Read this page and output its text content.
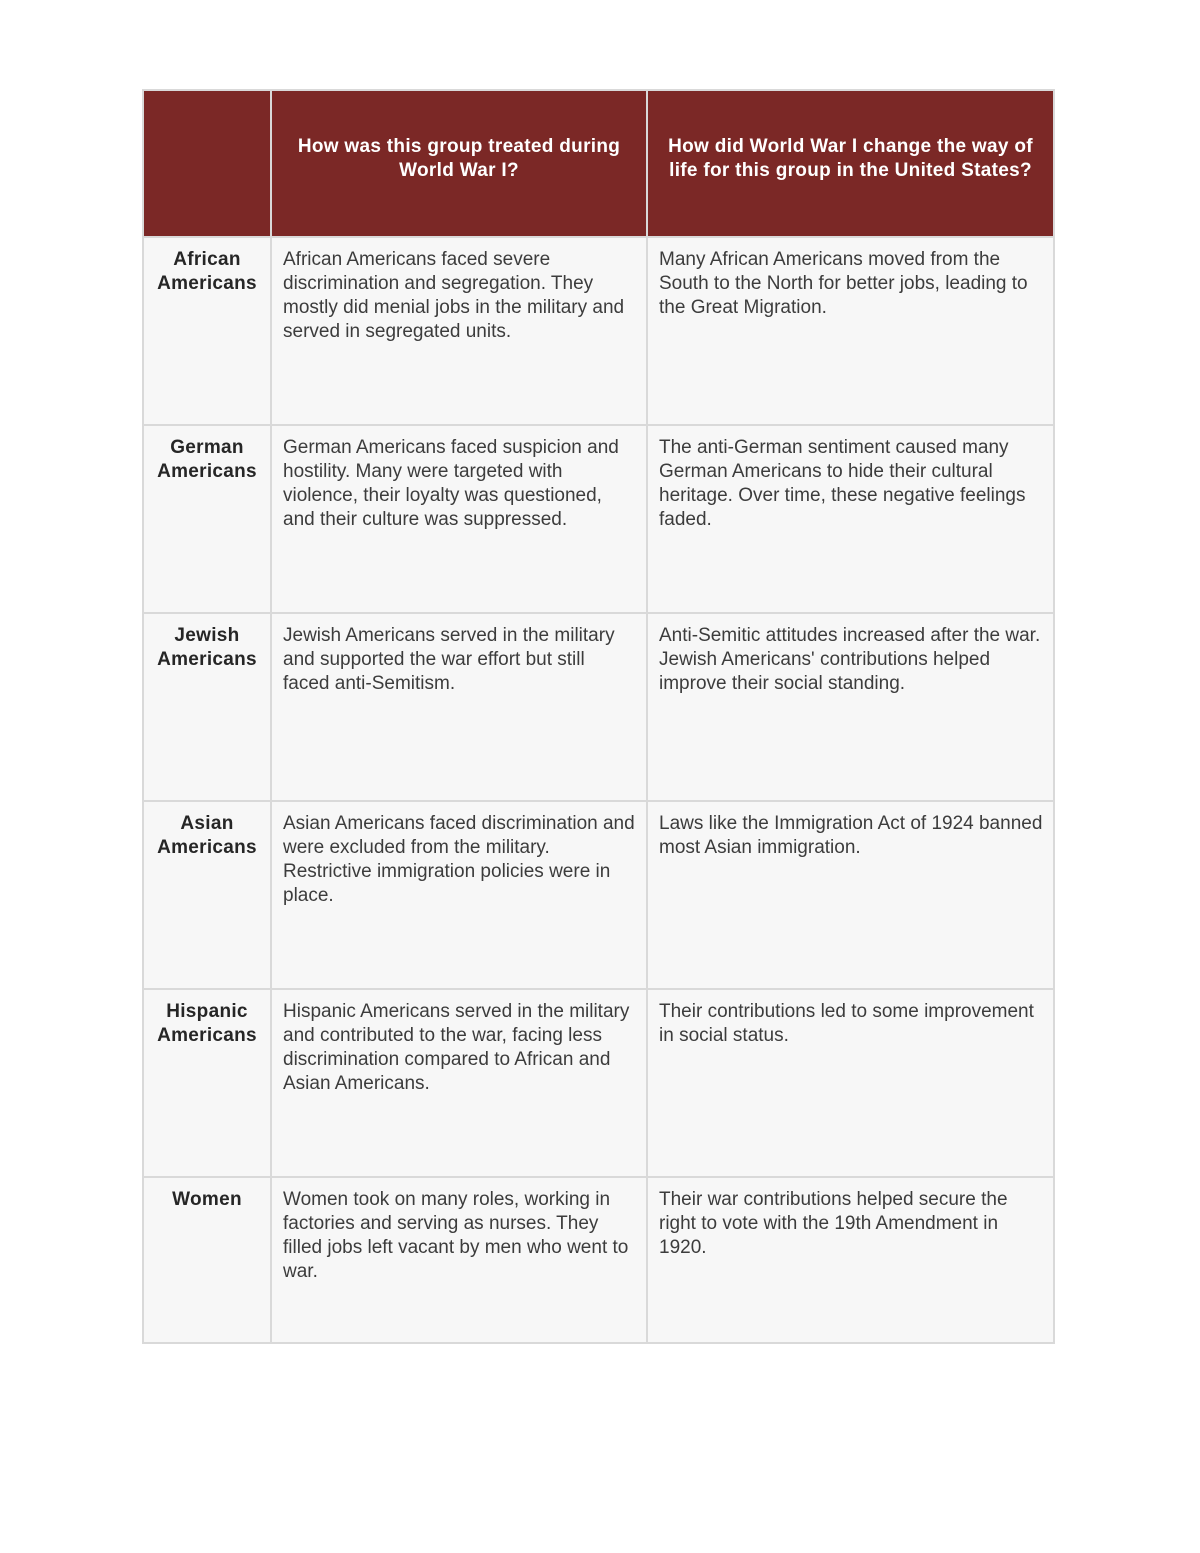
	How was this group treated during World War I?	How did World War I change the way of life for this group in the United States?
African Americans	African Americans faced severe discrimination and segregation. They mostly did menial jobs in the military and served in segregated units.	Many African Americans moved from the South to the North for better jobs, leading to the Great Migration.
German Americans	German Americans faced suspicion and hostility. Many were targeted with violence, their loyalty was questioned, and their culture was suppressed.	The anti-German sentiment caused many German Americans to hide their cultural heritage. Over time, these negative feelings faded.
Jewish Americans	Jewish Americans served in the military and supported the war effort but still faced anti-Semitism.	Anti-Semitic attitudes increased after the war. Jewish Americans' contributions helped improve their social standing.
Asian Americans	Asian Americans faced discrimination and were excluded from the military. Restrictive immigration policies were in place.	Laws like the Immigration Act of 1924 banned most Asian immigration.
Hispanic Americans	Hispanic Americans served in the military and contributed to the war, facing less discrimination compared to African and Asian Americans.	Their contributions led to some improvement in social status.
Women	Women took on many roles, working in factories and serving as nurses. They filled jobs left vacant by men who went to war.	Their war contributions helped secure the right to vote with the 19th Amendment in 1920.
